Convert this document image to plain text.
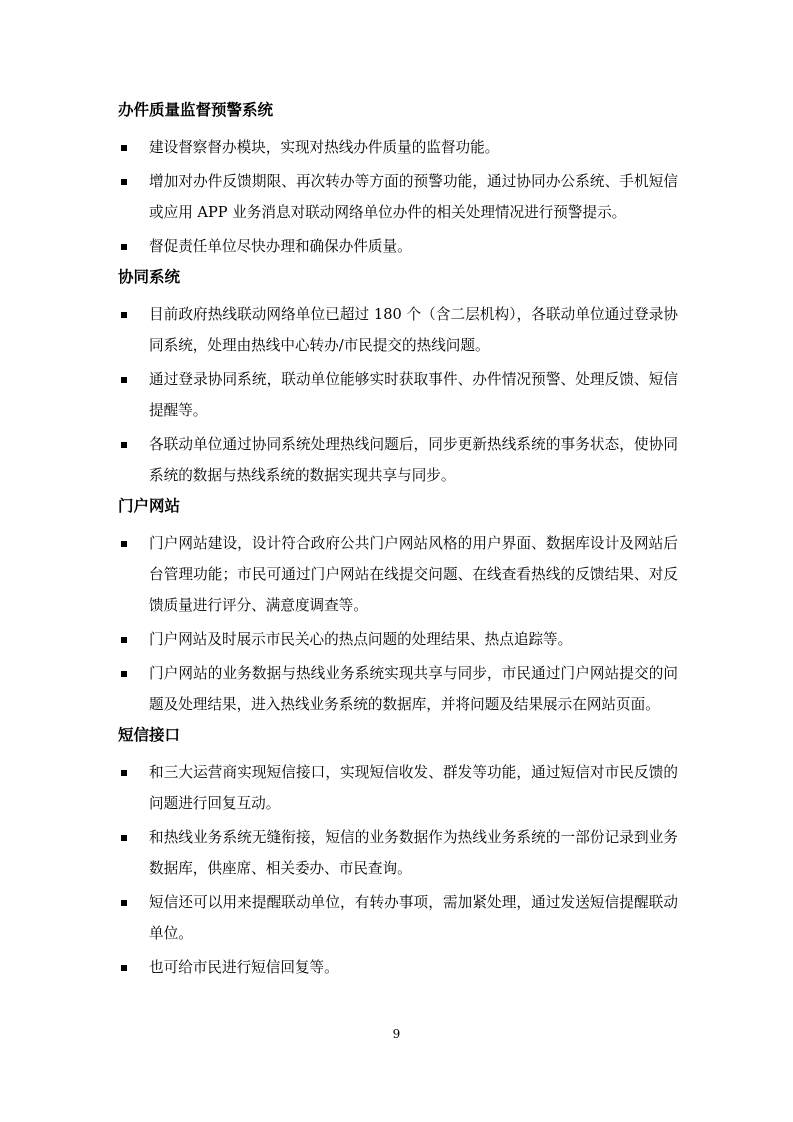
办件质量监督预警系统
建设督察督办模块，实现对热线办件质量的监督功能。
增加对办件反馈期限、再次转办等方面的预警功能，通过协同办公系统、手机短信或应用 APP 业务消息对联动网络单位办件的相关处理情况进行预警提示。
督促责任单位尽快办理和确保办件质量。
协同系统
目前政府热线联动网络单位已超过 180 个（含二层机构），各联动单位通过登录协同系统，处理由热线中心转办/市民提交的热线问题。
通过登录协同系统，联动单位能够实时获取事件、办件情况预警、处理反馈、短信提醒等。
各联动单位通过协同系统处理热线问题后，同步更新热线系统的事务状态，使协同系统的数据与热线系统的数据实现共享与同步。
门户网站
门户网站建设，设计符合政府公共门户网站风格的用户界面、数据库设计及网站后台管理功能；市民可通过门户网站在线提交问题、在线查看热线的反馈结果、对反馈质量进行评分、满意度调查等。
门户网站及时展示市民关心的热点问题的处理结果、热点追踪等。
门户网站的业务数据与热线业务系统实现共享与同步，市民通过门户网站提交的问题及处理结果，进入热线业务系统的数据库，并将问题及结果展示在网站页面。
短信接口
和三大运营商实现短信接口，实现短信收发、群发等功能，通过短信对市民反馈的问题进行回复互动。
和热线业务系统无缝衔接，短信的业务数据作为热线业务系统的一部份记录到业务数据库，供座席、相关委办、市民查询。
短信还可以用来提醒联动单位，有转办事项，需加紧处理，通过发送短信提醒联动单位。
也可给市民进行短信回复等。
9
